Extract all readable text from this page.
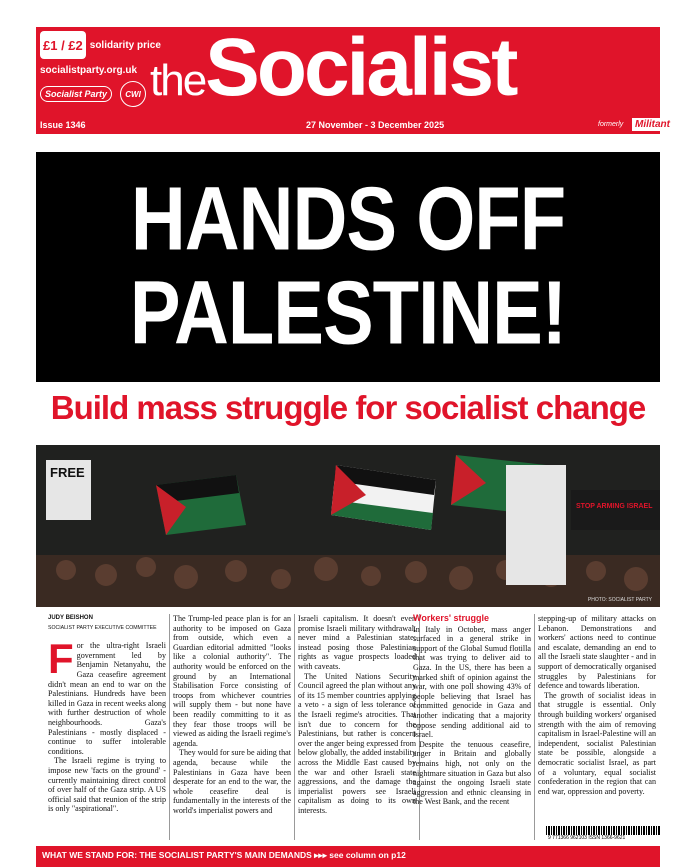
£1 / £2 solidarity price
socialistparty.org.uk
Socialist Party	CWI theSocialist
Issue 1346	27 November - 3 December 2025	formerly	Militant
HANDS OFF PALESTINE!
Build mass struggle for socialist change
FREE
STOP ARMING ISRAEL
PHOTO: SOCIALIST PARTY
JUDY BEISHON
SOCIALIST PARTY EXECUTIVE COMMITTEE
F or the ultra-right Israeli government led by Benjamin Netanyahu, the Gaza ceasefire agreement didn't mean an end to war on the Palestinians. Hundreds have been killed in Gaza in recent weeks along with further destruction of whole neighbourhoods. Gaza's Palestinians - mostly displaced - continue to suffer intolerable conditions.

The Israeli regime is trying to impose new 'facts on the ground' - currently maintaining direct control of over half of the Gaza strip. A US official said that reunion of the strip is only "aspirational".

The Trump-led peace plan is for an authority to be imposed on Gaza from outside, which even a Guardian editorial admitted "looks like a colonial authority". The authority would be enforced on the ground by an International Stabilisation Force consisting of troops from whichever countries will supply them - but none have been readily committing to it as they fear those troops will be viewed as aiding the Israeli regime's agenda.

They would for sure be aiding that agenda, because while the Palestinians in Gaza have been desperate for an end to the war, the whole ceasefire deal is fundamentally in the interests of the world's imperialist powers and

Israeli capitalism. It doesn't even promise Israeli military withdrawal, never mind a Palestinian state; instead posing those Palestinian rights as vague prospects loaded with caveats.

The United Nations Security Council agreed the plan without any of its 15 member countries applying a veto - a sign of less tolerance of the Israeli regime's atrocities. That isn't due to concern for the Palestinians, but rather is concern over the anger being expressed from below globally, the added instability across the Middle East caused by the war and other Israeli state aggressions, and the damage the imperialist powers see Israeli capitalism as doing to its own interests.

Workers' struggle

In Italy in October, mass anger surfaced in a general strike in support of the Global Sumud flotilla that was trying to deliver aid to Gaza. In the US, there has been a marked shift of opinion against the war, with one poll showing 43% of people believing that Israel has committed genocide in Gaza and another indicating that a majority oppose sending additional aid to Israel.

Despite the tenuous ceasefire, anger in Britain and globally remains high, not only on the nightmare situation in Gaza but also against the ongoing Israeli state aggression and ethnic cleansing in the West Bank, and the recent

stepping-up of military attacks on Lebanon. Demonstrations and workers' actions need to continue and escalate, demanding an end to all the Israeli state slaughter - and in support of democratically organised struggles by Palestinians for defence and towards liberation.

The growth of socialist ideas in that struggle is essential. Only through building workers' organised strength with the aim of removing capitalism in Israel-Palestine will an independent, socialist Palestinian state be possible, alongside a democratic socialist Israel, as part of a voluntary, equal socialist confederation in the region that can end war, oppression and poverty.

9 771366 962103 ISSN 1366-9621
WHAT WE STAND FOR: THE SOCIALIST PARTY'S MAIN DEMANDS ▸▸▸ see column on p12
